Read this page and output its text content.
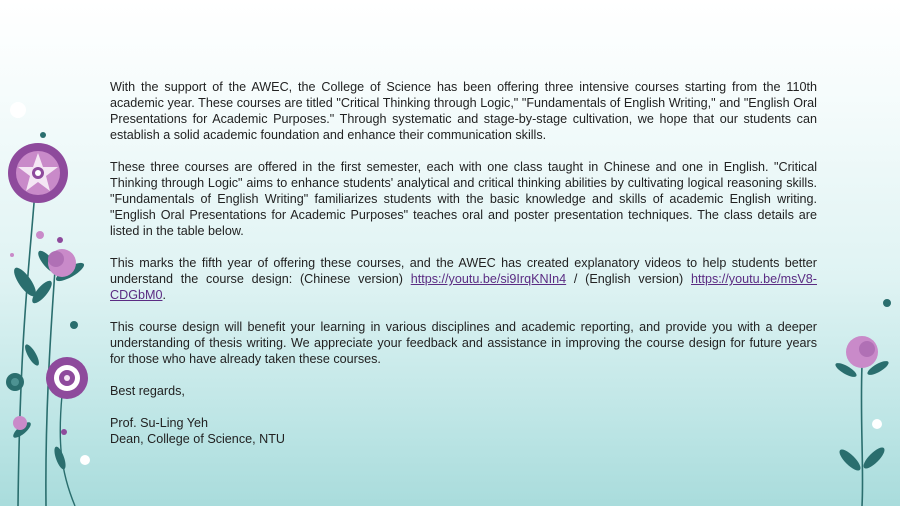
With the support of the AWEC, the College of Science has been offering three intensive courses starting from the 110th academic year. These courses are titled "Critical Thinking through Logic," "Fundamentals of English Writing," and "English Oral Presentations for Academic Purposes." Through systematic and stage-by-stage cultivation, we hope that our students can establish a solid academic foundation and enhance their communication skills.

These three courses are offered in the first semester, each with one class taught in Chinese and one in English. "Critical Thinking through Logic" aims to enhance students' analytical and critical thinking abilities by cultivating logical reasoning skills. "Fundamentals of English Writing" familiarizes students with the basic knowledge and skills of academic English writing. "English Oral Presentations for Academic Purposes" teaches oral and poster presentation techniques. The class details are listed in the table below.

This marks the fifth year of offering these courses, and the AWEC has created explanatory videos to help students better understand the course design: (Chinese version) https://youtu.be/si9IrqKNIn4 / (English version) https://youtu.be/msV8-CDGbM0.

This course design will benefit your learning in various disciplines and academic reporting, and provide you with a deeper understanding of thesis writing. We appreciate your feedback and assistance in improving the course design for future years for those who have already taken these courses.

Best regards,

Prof. Su-Ling Yeh

Dean, College of Science, NTU
